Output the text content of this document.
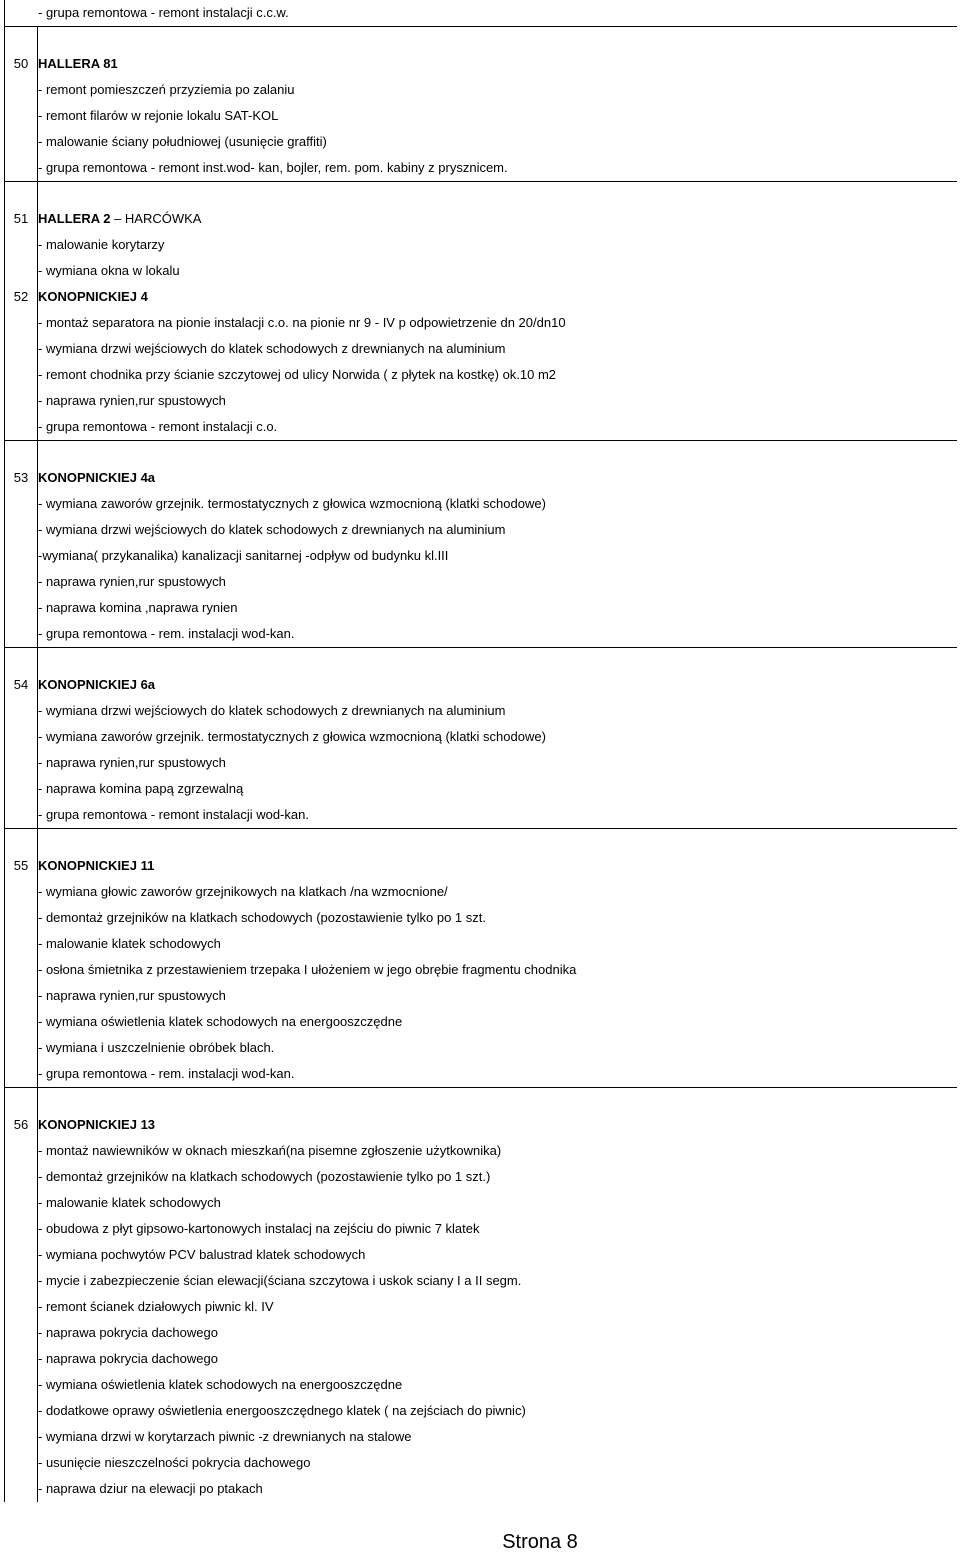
- grupa remontowa - remont instalacji c.c.w.
50 HALLERA 81
- remont pomieszczeń przyziemia po zalaniu
- remont filarów w rejonie lokalu SAT-KOL
- malowanie ściany południowej (usunięcie graffiti)
- grupa remontowa - remont inst.wod- kan, bojler, rem. pom. kabiny z prysznicem.
51 HALLERA 2 – HARCÓWKA
- malowanie korytarzy
- wymiana okna w lokalu
52 KONOPNICKIEJ 4
- montaż separatora na pionie instalacji c.o. na pionie nr 9 - IV p odpowietrzenie dn 20/dn10
- wymiana drzwi wejściowych do klatek schodowych z drewnianych na aluminium
- remont chodnika przy ścianie szczytowej od ulicy Norwida ( z płytek na kostkę) ok.10 m2
- naprawa rynien,rur spustowych
- grupa remontowa - remont instalacji c.o.
53 KONOPNICKIEJ 4a
- wymiana zaworów grzejnik. termostatycznych z głowica wzmocnioną (klatki schodowe)
- wymiana drzwi wejściowych do klatek schodowych z drewnianych na aluminium
-wymiana( przykanalika) kanalizacji sanitarnej -odpływ od budynku kl.III
- naprawa rynien,rur spustowych
- naprawa komina ,naprawa rynien
- grupa remontowa - rem. instalacji wod-kan.
54 KONOPNICKIEJ 6a
- wymiana drzwi wejściowych do klatek schodowych z drewnianych na aluminium
- wymiana zaworów grzejnik. termostatycznych z głowica wzmocnioną (klatki schodowe)
- naprawa rynien,rur spustowych
- naprawa komina papą zgrzewalną
- grupa remontowa - remont instalacji wod-kan.
55 KONOPNICKIEJ 11
- wymiana głowic zaworów grzejnikowych na klatkach /na wzmocnione/
- demontaż grzejników na klatkach schodowych (pozostawienie tylko po 1 szt.
- malowanie klatek schodowych
- osłona śmietnika z przestawieniem trzepaka I ułożeniem w jego obrębie fragmentu chodnika
- naprawa rynien,rur spustowych
- wymiana oświetlenia klatek schodowych na energooszczędne
- wymiana i uszczelnienie obróbek blach.
- grupa remontowa - rem. instalacji wod-kan.
56 KONOPNICKIEJ 13
- montaż nawiewników w oknach mieszkań(na pisemne zgłoszenie użytkownika)
- demontaż grzejników na klatkach schodowych (pozostawienie tylko po 1 szt.)
- malowanie klatek schodowych
- obudowa z płyt gipsowo-kartonowych instalacj na zejściu do piwnic 7 klatek
- wymiana pochwytów PCV balustrad klatek schodowych
- mycie i zabezpieczenie ścian elewacji(ściana szczytowa i uskok sciany I a II segm.
- remont ścianek działowych piwnic kl. IV
- naprawa pokrycia dachowego
- naprawa pokrycia dachowego
- wymiana oświetlenia klatek schodowych na energooszczędne
- dodatkowe oprawy oświetlenia energooszczędnego klatek ( na zejściach do piwnic)
- wymiana drzwi w korytarzach piwnic -z drewnianych na stalowe
- usunięcie nieszczelności pokrycia dachowego
- naprawa dziur na elewacji po ptakach
Strona 8
